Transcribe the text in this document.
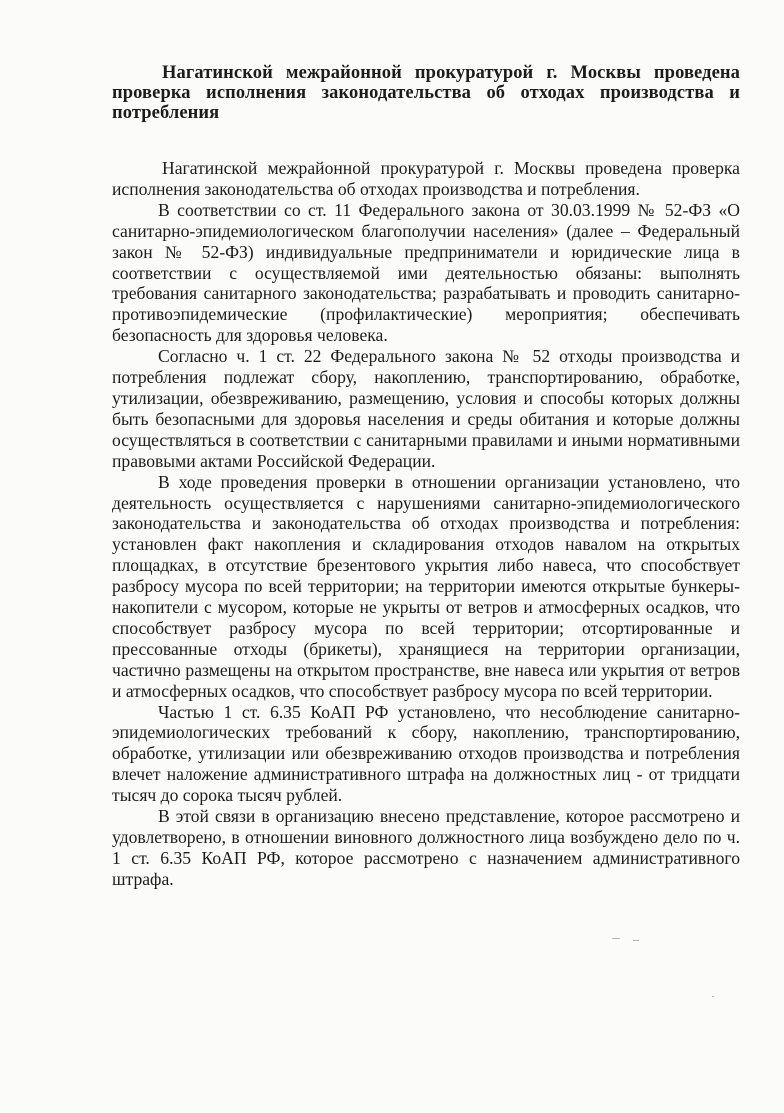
Нагатинской межрайонной прокуратурой г. Москвы проведена проверка исполнения законодательства об отходах производства и потребления

Нагатинской межрайонной прокуратурой г. Москвы проведена проверка исполнения законодательства об отходах производства и потребления.

В соответствии со ст. 11 Федерального закона от 30.03.1999 № 52-ФЗ «О санитарно-эпидемиологическом благополучии населения» (далее – Федеральный закон № 52-ФЗ) индивидуальные предприниматели и юридические лица в соответствии с осуществляемой ими деятельностью обязаны: выполнять требования санитарного законодательства; разрабатывать и проводить санитарно-противоэпидемические (профилактические) мероприятия; обеспечивать безопасность для здоровья человека.

Согласно ч. 1 ст. 22 Федерального закона № 52 отходы производства и потребления подлежат сбору, накоплению, транспортированию, обработке, утилизации, обезвреживанию, размещению, условия и способы которых должны быть безопасными для здоровья населения и среды обитания и которые должны осуществляться в соответствии с санитарными правилами и иными нормативными правовыми актами Российской Федерации.

В ходе проведения проверки в отношении организации установлено, что деятельность осуществляется с нарушениями санитарно-эпидемиологического законодательства и законодательства об отходах производства и потребления: установлен факт накопления и складирования отходов навалом на открытых площадках, в отсутствие брезентового укрытия либо навеса, что способствует разбросу мусора по всей территории; на территории имеются открытые бункеры-накопители с мусором, которые не укрыты от ветров и атмосферных осадков, что способствует разбросу мусора по всей территории; отсортированные и прессованные отходы (брикеты), хранящиеся на территории организации, частично размещены на открытом пространстве, вне навеса или укрытия от ветров и атмосферных осадков, что способствует разбросу мусора по всей территории.

Частью 1 ст. 6.35 КоАП РФ установлено, что несоблюдение санитарно-эпидемиологических требований к сбору, накоплению, транспортированию, обработке, утилизации или обезвреживанию отходов производства и потребления влечет наложение административного штрафа на должностных лиц - от тридцати тысяч до сорока тысяч рублей.

В этой связи в организацию внесено представление, которое рассмотрено и удовлетворено, в отношении виновного должностного лица возбуждено дело по ч. 1 ст. 6.35 КоАП РФ, которое рассмотрено с назначением административного штрафа.
